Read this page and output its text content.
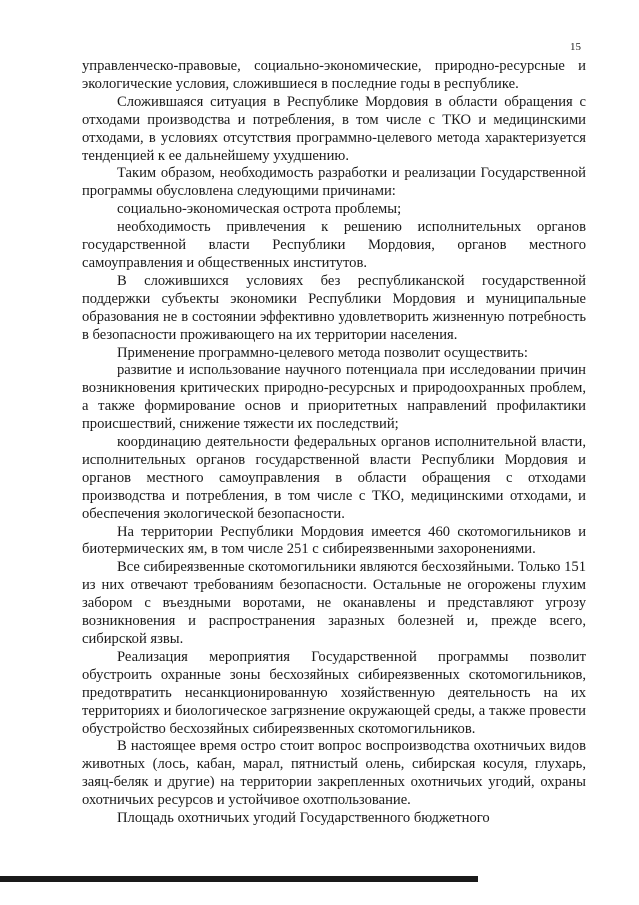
15

управленческо-правовые, социально-экономические, природно-ресурсные и экологические условия, сложившиеся в последние годы в республике.

Сложившаяся ситуация в Республике Мордовия в области обращения с отходами производства и потребления, в том числе с ТКО и медицинскими отходами, в условиях отсутствия программно-целевого метода характеризуется тенденцией к ее дальнейшему ухудшению.

Таким образом, необходимость разработки и реализации Государственной программы обусловлена следующими причинами:

социально-экономическая острота проблемы;

необходимость привлечения к решению исполнительных органов государственной власти Республики Мордовия, органов местного самоуправления и общественных институтов.

В сложившихся условиях без республиканской государственной поддержки субъекты экономики Республики Мордовия и муниципальные образования не в состоянии эффективно удовлетворить жизненную потребность в безопасности проживающего на их территории населения.

Применение программно-целевого метода позволит осуществить:

развитие и использование научного потенциала при исследовании причин возникновения критических природно-ресурсных и природоохранных проблем, а также формирование основ и приоритетных направлений профилактики происшествий, снижение тяжести их последствий;

координацию деятельности федеральных органов исполнительной власти, исполнительных органов государственной власти Республики Мордовия и органов местного самоуправления в области обращения с отходами производства и потребления, в том числе с ТКО, медицинскими отходами, и обеспечения экологической безопасности.

На территории Республики Мордовия имеется 460 скотомогильников и биотермических ям, в том числе 251 с сибиреязвенными захоронениями.

Все сибиреязвенные скотомогильники являются бесхозяйными. Только 151 из них отвечают требованиям безопасности. Остальные не огорожены глухим забором с въездными воротами, не оканавлены и представляют угрозу возникновения и распространения заразных болезней и, прежде всего, сибирской язвы.

Реализация мероприятия Государственной программы позволит обустроить охранные зоны бесхозяйных сибиреязвенных скотомогильников, предотвратить несанкционированную хозяйственную деятельность на их территориях и биологическое загрязнение окружающей среды, а также провести обустройство бесхозяйных сибиреязвенных скотомогильников.

В настоящее время остро стоит вопрос воспроизводства охотничьих видов животных (лось, кабан, марал, пятнистый олень, сибирская косуля, глухарь, заяц-беляк и другие) на территории закрепленных охотничьих угодий, охраны охотничьих ресурсов и устойчивое охотпользование.

Площадь охотничьих угодий Государственного бюджетного
